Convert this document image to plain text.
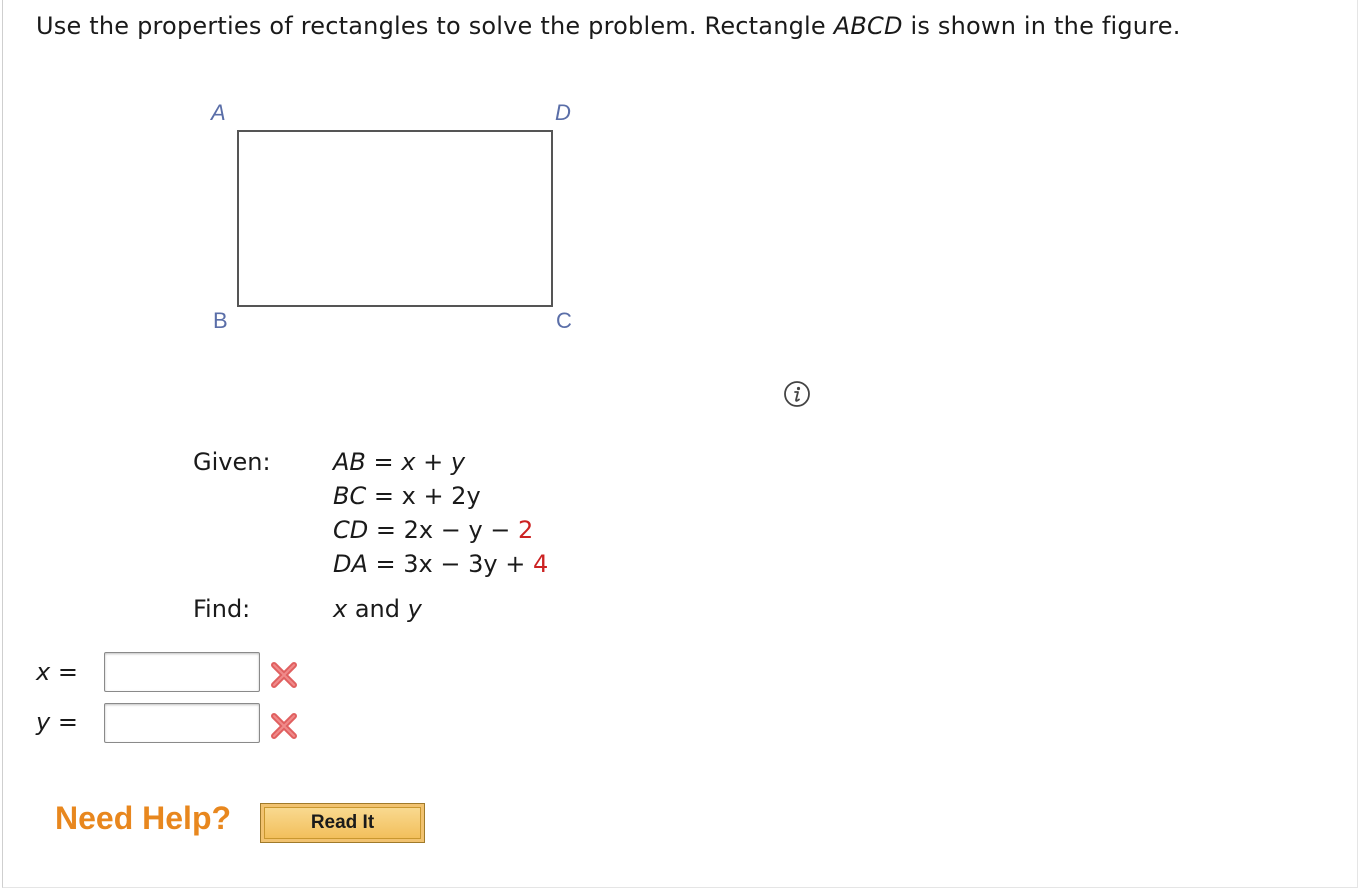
Use the properties of rectangles to solve the problem. Rectangle ABCD is shown in the figure.
A	D
B	C
Given:	AB = x + y
BC = x + 2y
CD = 2x − y − 2
DA = 3x − 3y + 4
Find:	x and y
x =
y =
Need Help?	Read It
